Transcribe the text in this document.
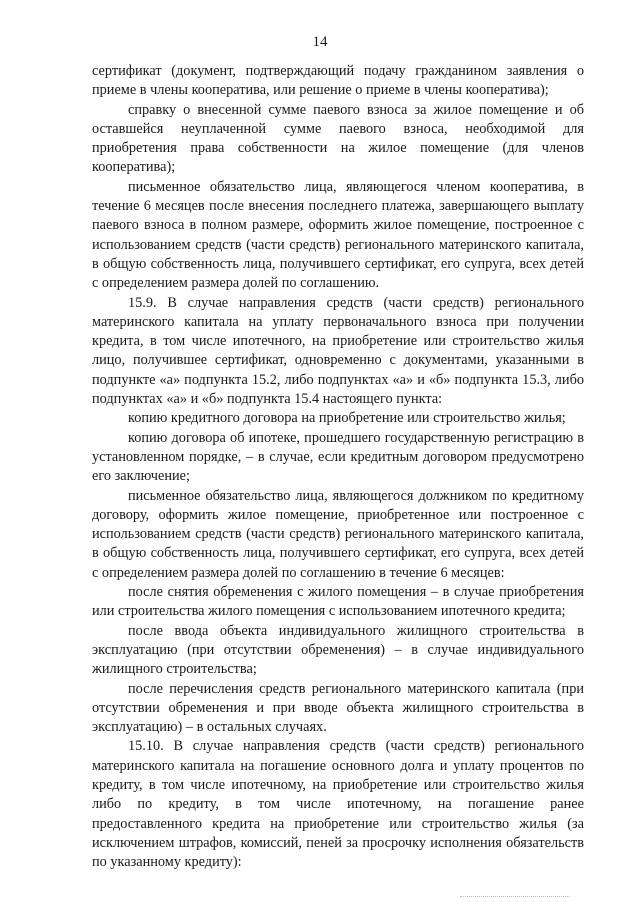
14

сертификат (документ, подтверждающий подачу гражданином заявления о приеме в члены кооператива, или решение о приеме в члены кооператива);

справку о внесенной сумме паевого взноса за жилое помещение и об оставшейся неуплаченной сумме паевого взноса, необходимой для приобретения права собственности на жилое помещение (для членов кооператива);

письменное обязательство лица, являющегося членом кооператива, в течение 6 месяцев после внесения последнего платежа, завершающего выплату паевого взноса в полном размере, оформить жилое помещение, построенное с использованием средств (части средств) регионального материнского капитала, в общую собственность лица, получившего сертификат, его супруга, всех детей с определением размера долей по соглашению.

15.9. В случае направления средств (части средств) регионального материнского капитала на уплату первоначального взноса при получении кредита, в том числе ипотечного, на приобретение или строительство жилья лицо, получившее сертификат, одновременно с документами, указанными в подпункте «а» подпункта 15.2, либо подпунктах «а» и «б» подпункта 15.3, либо подпунктах «а» и «б» подпункта 15.4 настоящего пункта:

копию кредитного договора на приобретение или строительство жилья;

копию договора об ипотеке, прошедшего государственную регистрацию в установленном порядке, – в случае, если кредитным договором предусмотрено его заключение;

письменное обязательство лица, являющегося должником по кредитному договору, оформить жилое помещение, приобретенное или построенное с использованием средств (части средств) регионального материнского капитала, в общую собственность лица, получившего сертификат, его супруга, всех детей с определением размера долей по соглашению в течение 6 месяцев:

после снятия обременения с жилого помещения – в случае приобретения или строительства жилого помещения с использованием ипотечного кредита;

после ввода объекта индивидуального жилищного строительства в эксплуатацию (при отсутствии обременения) – в случае индивидуального жилищного строительства;

после перечисления средств регионального материнского капитала (при отсутствии обременения и при вводе объекта жилищного строительства в эксплуатацию) – в остальных случаях.

15.10. В случае направления средств (части средств) регионального материнского капитала на погашение основного долга и уплату процентов по кредиту, в том числе ипотечному, на приобретение или строительство жилья либо по кредиту, в том числе ипотечному, на погашение ранее предоставленного кредита на приобретение или строительство жилья (за исключением штрафов, комиссий, пеней за просрочку исполнения обязательств по указанному кредиту):
